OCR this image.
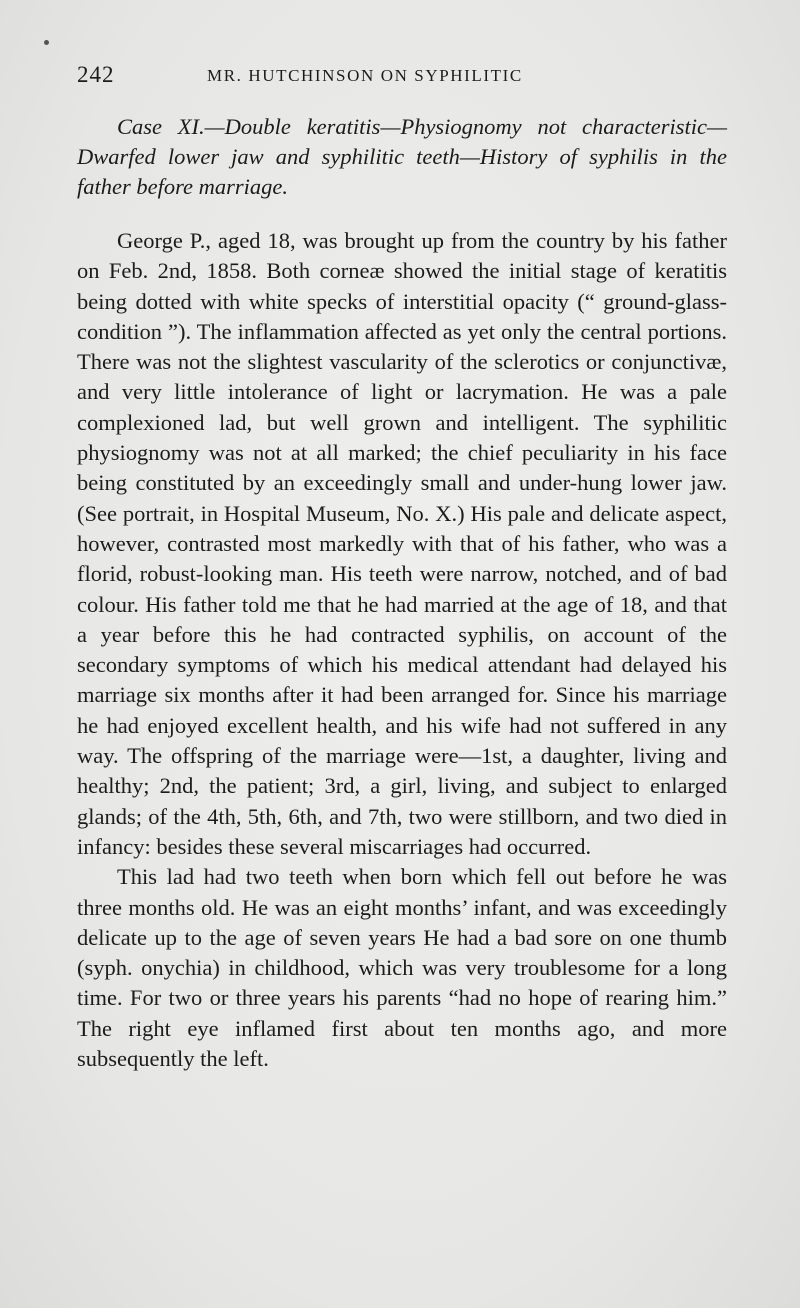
242	MR. HUTCHINSON ON SYPHILITIC

Case XI.—Double keratitis—Physiognomy not characteristic—Dwarfed lower jaw and syphilitic teeth—History of syphilis in the father before marriage.

George P., aged 18, was brought up from the country by his father on Feb. 2nd, 1858. Both corneæ showed the initial stage of keratitis being dotted with white specks of interstitial opacity (“ ground-glass-condition ”). The inflammation affected as yet only the central portions. There was not the slightest vascularity of the sclerotics or conjunctivæ, and very little intolerance of light or lacrymation. He was a pale complexioned lad, but well grown and intelligent. The syphilitic physiognomy was not at all marked; the chief peculiarity in his face being constituted by an exceedingly small and under-hung lower jaw. (See portrait, in Hospital Museum, No. X.) His pale and delicate aspect, however, contrasted most markedly with that of his father, who was a florid, robust-looking man. His teeth were narrow, notched, and of bad colour. His father told me that he had married at the age of 18, and that a year before this he had contracted syphilis, on account of the secondary symptoms of which his medical attendant had delayed his marriage six months after it had been arranged for. Since his marriage he had enjoyed excellent health, and his wife had not suffered in any way. The offspring of the marriage were—1st, a daughter, living and healthy; 2nd, the patient; 3rd, a girl, living, and subject to enlarged glands; of the 4th, 5th, 6th, and 7th, two were stillborn, and two died in infancy: besides these several miscarriages had occurred.

This lad had two teeth when born which fell out before he was three months old. He was an eight months’ infant, and was exceedingly delicate up to the age of seven years He had a bad sore on one thumb (syph. onychia) in childhood, which was very troublesome for a long time. For two or three years his parents “had no hope of rearing him.” The right eye inflamed first about ten months ago, and more subsequently the left.
